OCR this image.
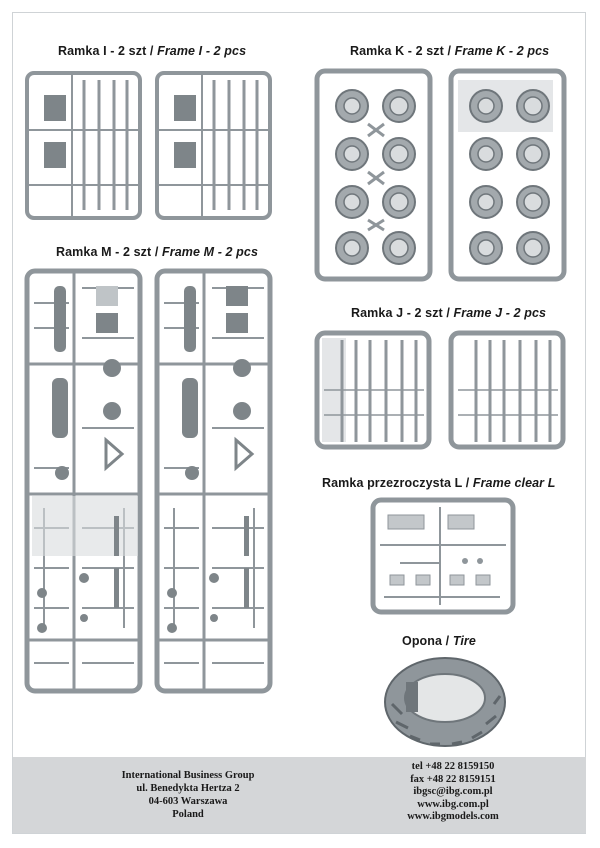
Ramka I - 2 szt / Frame I - 2 pcs	Ramka K - 2 szt / Frame K - 2 pcs
Ramka M - 2 szt / Frame M - 2 pcs
Ramka J - 2 szt / Frame J - 2 pcs
Ramka przezroczysta L / Frame clear L
Opona / Tire
International Business Group
ul. Benedykta Hertza 2
04-603 Warszawa
Poland
tel +48 22 8159150
fax +48 22 8159151
ibgsc@ibg.com.pl
www.ibg.com.pl
www.ibgmodels.com
